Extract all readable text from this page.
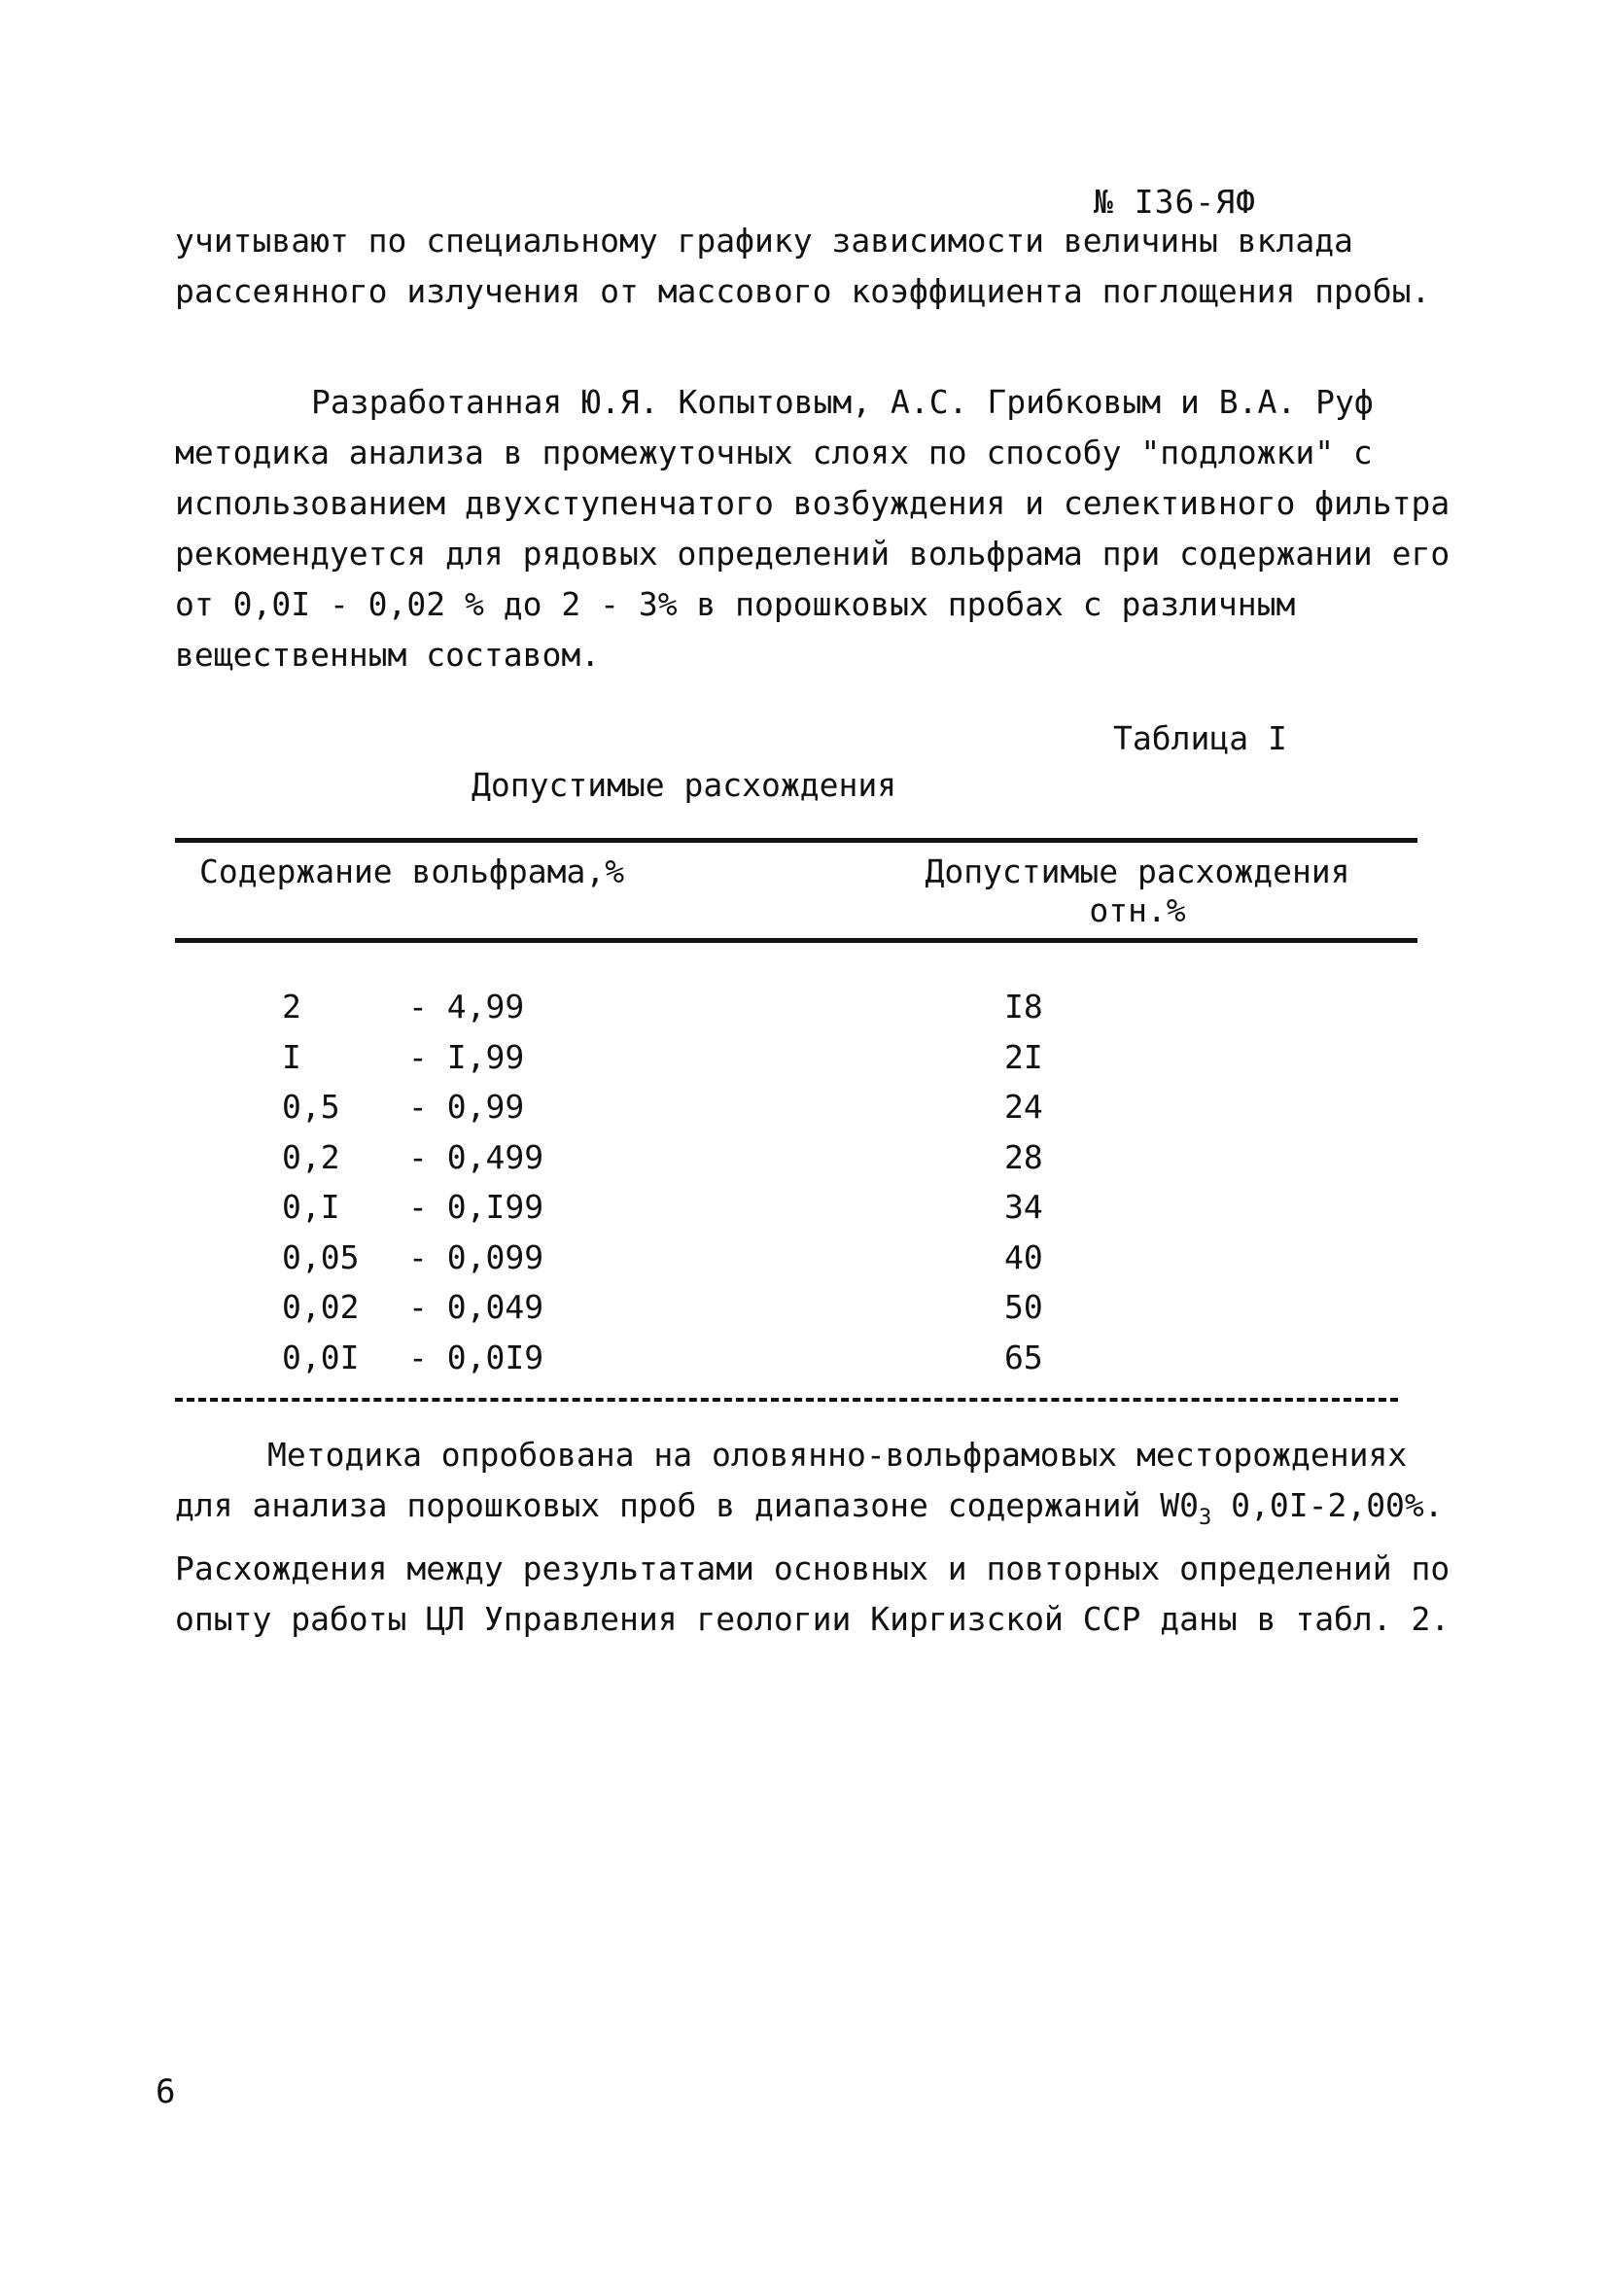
№ I36-ЯФ

учитывают по специальному графику зависимости величины вклада рассеянного излучения от массового коэффициента поглощения пробы.

Разработанная Ю.Я. Копытовым, А.С. Грибковым и В.А. Руф методика анализа в промежуточных слоях по способу "подложки" с использованием двухступенчатого возбуждения и селективного фильтра рекомендуется для рядовых определений вольфрама при содержании его от 0,0I - 0,02 % до 2 - 3% в порошковых пробах с различным вещественным составом.

Таблица I
Допустимые расхождения
Содержание вольфрама,%	Допустимые расхождения
отн.%
2	- 4,99	I8
I	- I,99	2I
0,5 - 0,99	24
0,2 - 0,499	28
0,I - 0,I99	34
0,05 - 0,099	40
0,02 - 0,049	50
0,0I - 0,0I9	65

Методика опробована на оловянно-вольфрамовых месторождениях для анализа порошковых проб в диапазоне содержаний $W0_3$ 0,0I-2,00%. Расхождения между результатами основных и повторных определений по опыту работы ЦЛ Управления геологии Киргизской ССР даны в табл. 2.

6
